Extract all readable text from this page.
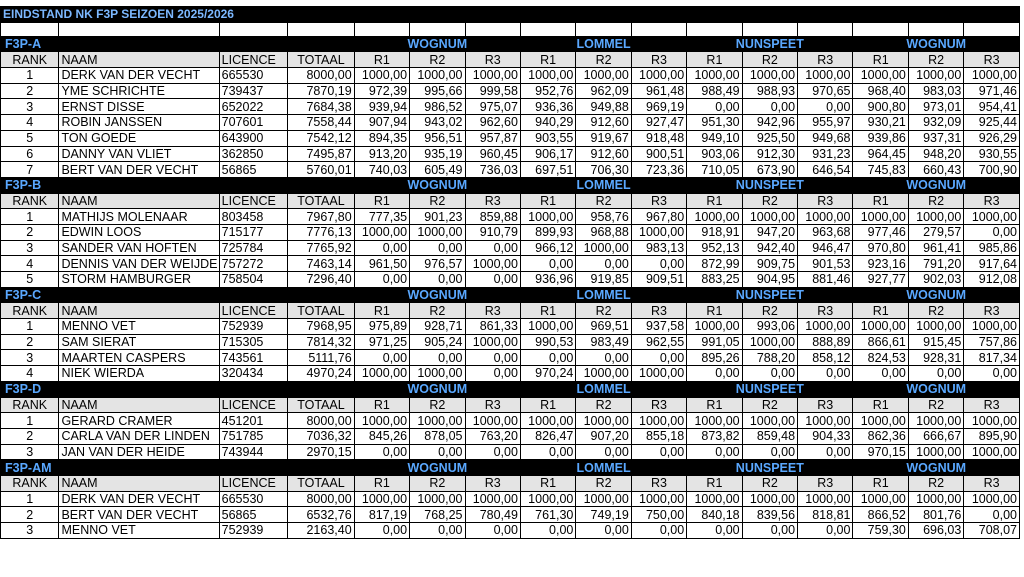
EINDSTAND NK F3P SEIZOEN 2025/2026															

F3P-A				WOGNUM			LOMMEL			NUNSPEET			WOGNUM		
RANK	NAAM	LICENCE	TOTAAL	R1	R2	R3	R1	R2	R3	R1	R2	R3	R1	R2	R3
1	DERK VAN DER VECHT	665530	8000,00	1000,00	1000,00	1000,00	1000,00	1000,00	1000,00	1000,00	1000,00	1000,00	1000,00	1000,00	1000,00
2	YME SCHRICHTE	739437	7870,19	972,39	995,66	999,58	952,76	962,09	961,48	988,49	988,93	970,65	968,40	983,03	971,46
3	ERNST DISSE	652022	7684,38	939,94	986,52	975,07	936,36	949,88	969,19	0,00	0,00	0,00	900,80	973,01	954,41
4	ROBIN JANSSEN	707601	7558,44	907,94	943,02	962,60	940,29	912,60	927,47	951,30	942,96	955,97	930,21	932,09	925,44
5	TON GOEDE	643900	7542,12	894,35	956,51	957,87	903,55	919,67	918,48	949,10	925,50	949,68	939,86	937,31	926,29
6	DANNY VAN VLIET	362850	7495,87	913,20	935,19	960,45	906,17	912,60	900,51	903,06	912,30	931,23	964,45	948,20	930,55
7	BERT VAN DER VECHT	56865	5760,01	740,03	605,49	736,03	697,51	706,30	723,36	710,05	673,90	646,54	745,83	660,43	700,90
F3P-B				WOGNUM			LOMMEL			NUNSPEET			WOGNUM		
RANK	NAAM	LICENCE	TOTAAL	R1	R2	R3	R1	R2	R3	R1	R2	R3	R1	R2	R3
1	MATHIJS MOLENAAR	803458	7967,80	777,35	901,23	859,88	1000,00	958,76	967,80	1000,00	1000,00	1000,00	1000,00	1000,00	1000,00
2	EDWIN LOOS	715177	7776,13	1000,00	1000,00	910,79	899,93	968,88	1000,00	918,91	947,20	963,68	977,46	279,57	0,00
3	SANDER VAN HOFTEN	725784	7765,92	0,00	0,00	0,00	966,12	1000,00	983,13	952,13	942,40	946,47	970,80	961,41	985,86
4	DENNIS VAN DER WEIJDE	757272	7463,14	961,50	976,57	1000,00	0,00	0,00	0,00	872,99	909,75	901,53	923,16	791,20	917,64
5	STORM HAMBURGER	758504	7296,40	0,00	0,00	0,00	936,96	919,85	909,51	883,25	904,95	881,46	927,77	902,03	912,08
F3P-C				WOGNUM			LOMMEL			NUNSPEET			WOGNUM		
RANK	NAAM	LICENCE	TOTAAL	R1	R2	R3	R1	R2	R3	R1	R2	R3	R1	R2	R3
1	MENNO VET	752939	7968,95	975,89	928,71	861,33	1000,00	969,51	937,58	1000,00	993,06	1000,00	1000,00	1000,00	1000,00
2	SAM SIERAT	715305	7814,32	971,25	905,24	1000,00	990,53	983,49	962,55	991,05	1000,00	888,89	866,61	915,45	757,86
3	MAARTEN CASPERS	743561	5111,76	0,00	0,00	0,00	0,00	0,00	0,00	895,26	788,20	858,12	824,53	928,31	817,34
4	NIEK WIERDA	320434	4970,24	1000,00	1000,00	0,00	970,24	1000,00	1000,00	0,00	0,00	0,00	0,00	0,00	0,00
F3P-D				WOGNUM			LOMMEL			NUNSPEET			WOGNUM		
RANK	NAAM	LICENCE	TOTAAL	R1	R2	R3	R1	R2	R3	R1	R2	R3	R1	R2	R3
1	GERARD CRAMER	451201	8000,00	1000,00	1000,00	1000,00	1000,00	1000,00	1000,00	1000,00	1000,00	1000,00	1000,00	1000,00	1000,00
2	CARLA VAN DER LINDEN	751785	7036,32	845,26	878,05	763,20	826,47	907,20	855,18	873,82	859,48	904,33	862,36	666,67	895,90
3	JAN VAN DER HEIDE	743944	2970,15	0,00	0,00	0,00	0,00	0,00	0,00	0,00	0,00	0,00	970,15	1000,00	1000,00
F3P-AM				WOGNUM			LOMMEL			NUNSPEET			WOGNUM		
RANK	NAAM	LICENCE	TOTAAL	R1	R2	R3	R1	R2	R3	R1	R2	R3	R1	R2	R3
1	DERK VAN DER VECHT	665530	8000,00	1000,00	1000,00	1000,00	1000,00	1000,00	1000,00	1000,00	1000,00	1000,00	1000,00	1000,00	1000,00
2	BERT VAN DER VECHT	56865	6532,76	817,19	768,25	780,49	761,30	749,19	750,00	840,18	839,56	818,81	866,52	801,76	0,00
3	MENNO VET	752939	2163,40	0,00	0,00	0,00	0,00	0,00	0,00	0,00	0,00	0,00	759,30	696,03	708,07
